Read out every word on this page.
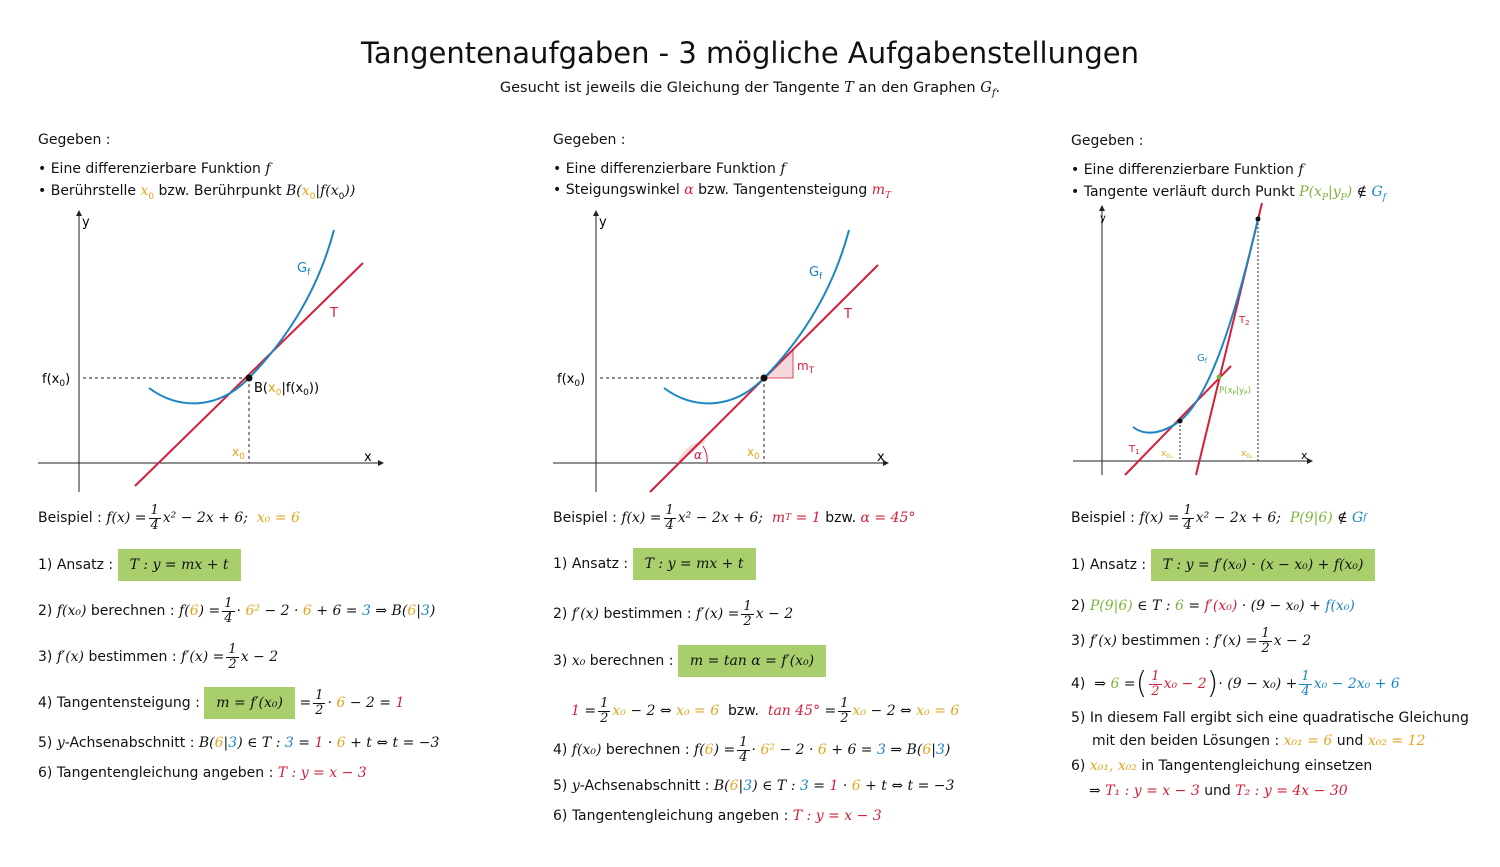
Tangentenaufgaben - 3 mögliche Aufgabenstellungen
Gesucht ist jeweils die Gleichung der Tangente T an den Graphen $G_f$.
Gegeben :
• Eine differenzierbare Funktion f
• Berührstelle $x_0$ bzw. Berührpunkt $B(x_0|f(x_0))$
y
x
$G_f$
T
$f(x_0)$
$B(x_0|f(x_0))$
$x_0$
Beispiel :
$f(x) = \frac{1}{4} x^2 - 2x + 6$;
x₀ = 6
1) Ansatz :
	T : y = mx + t
2)
f(x₀)
berechnen :
f( 6 ) = $\frac{1}{4}$ ·
6²
− 2 ·
6
+ 6 =
3
⇒ B( 6 | 3 )
3)
f′(x)
bestimmen :
$f'(x) = \frac{1}{2}$ x − 2
4) Tangentensteigung :
	m = f′(x₀)
	= $\frac{1}{2}$ ·
6
− 2 =
1
5) y-Achsenabschnitt : B(6|3) ∈ T : 3 = 1 · 6 + t ⇔ t = −3
6) Tangentengleichung angeben : T : y = x − 3
Gegeben :
• Eine differenzierbare Funktion f
• Steigungswinkel α bzw. Tangentensteigung $m_T$
y
x
$G_f$
T
$m_T$
α
$f(x_0)$
$x_0$
Beispiel :
$f(x) = \frac{1}{4} x^2 - 2x + 6$;
m T
= 1
bzw.
α = 45°
1) Ansatz :
	T : y = mx + t
2)
f′(x)
bestimmen :
$f'(x) = \frac{1}{2}$ x − 2
3)
x₀
berechnen :
	m = tan α = f′(x₀)
1
= $\frac{1}{2} x_0$
− 2 ⇔
x₀ = 6
bzw.
tan 45°
= $\frac{1}{2} x_0$
− 2 ⇔
x₀ = 6
4)
f(x₀)
berechnen :
f( 6 ) = $\frac{1}{4}$ ·
6²
− 2 ·
6
+ 6 =
3
⇒ B( 6 | 3 )
5) y-Achsenabschnitt : B(6|3) ∈ T : 3 = 1 · 6 + t ⇔ t = −3
6) Tangentengleichung angeben : T : y = x − 3
Gegeben :
• Eine differenzierbare Funktion f
• Tangente verläuft durch Punkt $P(x_P|y_P)$ ∉ $G_f$
y
x
$G_f$
$T_2$
$T_1$
$P(x_P|y_P)$
$x_{0_1}$	$x_{0_2}$
Beispiel :
$f(x) = \frac{1}{4} x^2 - 2x + 6$;
P(9|6)
∉
G f
1) Ansatz :
	T : y = f′(x₀) · (x − x₀) + f(x₀)
2) P(9|6) ∈ T : 6 = f′(x₀) · (9 − x₀) + f(x₀)
3)
f′(x)
bestimmen :
$f'(x) = \frac{1}{2}$ x − 2
4)
⇒
6
= ( $\frac{1}{2} x_0 - 2$ ) · $(9 - x_0) + \frac{1}{4} x_0 - 2x_0 + 6$
5) In diesem Fall ergibt sich eine quadratische Gleichung
mit den beiden Lösungen : x₀₁ = 6 und x₀₂ = 12
6) x₀₁, x₀₂ in Tangentengleichung einsetzen
⇒ T₁ : y = x − 3 und T₂ : y = 4x − 30
